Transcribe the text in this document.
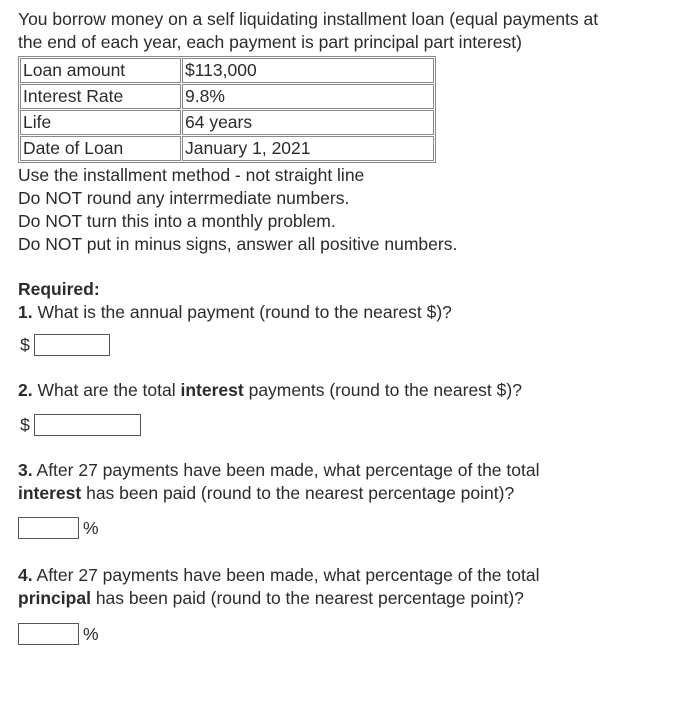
You borrow money on a self liquidating installment loan (equal payments at

the end of each year, each payment is part principal part interest)

Loan amount	$113,000
Interest Rate	9.8%
Life	64 years
Date of Loan	January 1, 2021

Use the installment method - not straight line

Do NOT round any interrmediate numbers.

Do NOT turn this into a monthly problem.

Do NOT put in minus signs, answer all positive numbers.

Required:

1. What is the annual payment (round to the nearest $)?

$

2. What are the total interest payments (round to the nearest $)?

$

3. After 27 payments have been made, what percentage of the total
interest has been paid (round to the nearest percentage point)?

%

4. After 27 payments have been made, what percentage of the total
principal has been paid (round to the nearest percentage point)?

%
